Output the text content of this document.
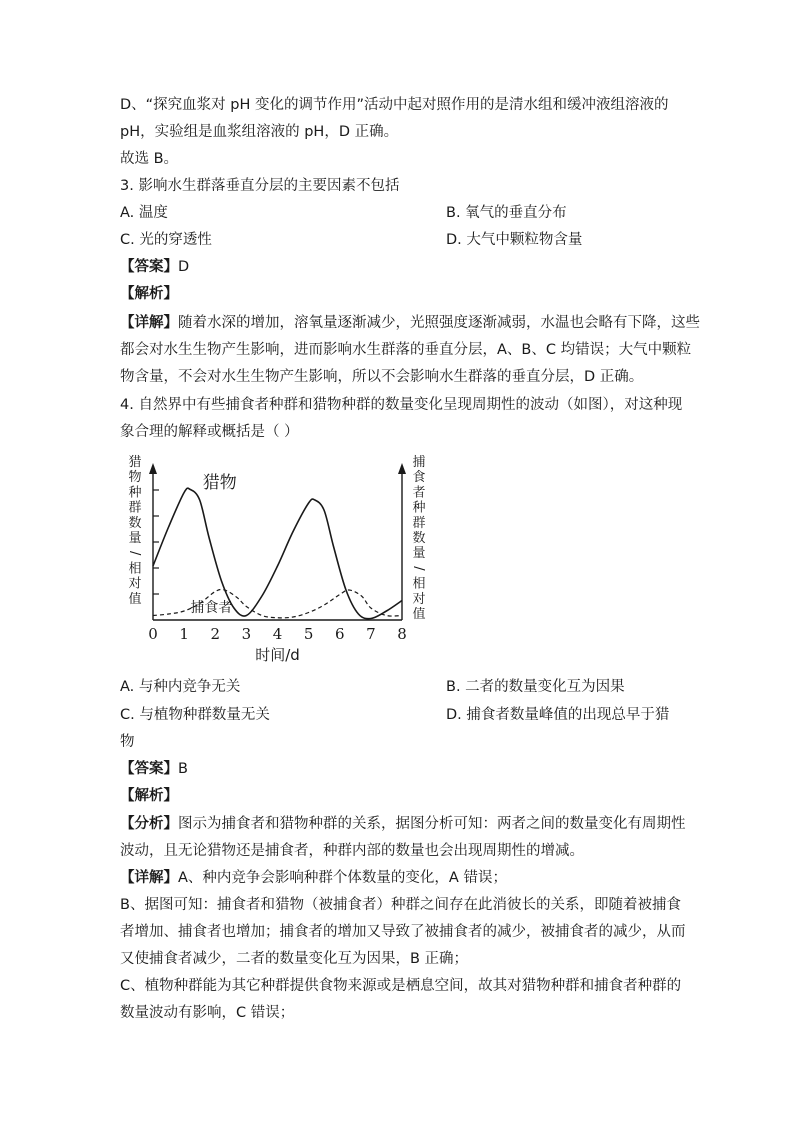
D、“探究血浆对 pH 变化的调节作用”活动中起对照作用的是清水组和缓冲液组溶液的
pH，实验组是血浆组溶液的 pH，D 正确。
故选 B。
3. 影响水生群落垂直分层的主要因素不包括
A. 温度	B. 氧气的垂直分布
C. 光的穿透性	D. 大气中颗粒物含量
【答案】D
【解析】
【详解】随着水深的增加，溶氧量逐渐减少，光照强度逐渐减弱，水温也会略有下降，这些
都会对水生生物产生影响，进而影响水生群落的垂直分层，A、B、C 均错误；大气中颗粒
物含量，不会对水生生物产生影响，所以不会影响水生群落的垂直分层，D 正确。
4. 自然界中有些捕食者种群和猎物种群的数量变化呈现周期性的波动（如图），对这种现
象合理的解释或概括是（ ）
0 1 2 3 4 5 6 7 8
时间/d
猎
物
种
群
数
量
/
相
对
值
捕
食
者
种
群
数
量
/
相
对
值
猎物
捕食者
A. 与种内竞争无关	B. 二者的数量变化互为因果
C. 与植物种群数量无关	D. 捕食者数量峰值的出现总早于猎
物
【答案】B
【解析】
【分析】图示为捕食者和猎物种群的关系，据图分析可知：两者之间的数量变化有周期性
波动，且无论猎物还是捕食者，种群内部的数量也会出现周期性的增减。
【详解】A、种内竞争会影响种群个体数量的变化，A 错误；
B、据图可知：捕食者和猎物（被捕食者）种群之间存在此消彼长的关系，即随着被捕食
者增加、捕食者也增加；捕食者的增加又导致了被捕食者的减少，被捕食者的减少，从而
又使捕食者减少，二者的数量变化互为因果，B 正确；
C、植物种群能为其它种群提供食物来源或是栖息空间，故其对猎物种群和捕食者种群的
数量波动有影响，C 错误；
